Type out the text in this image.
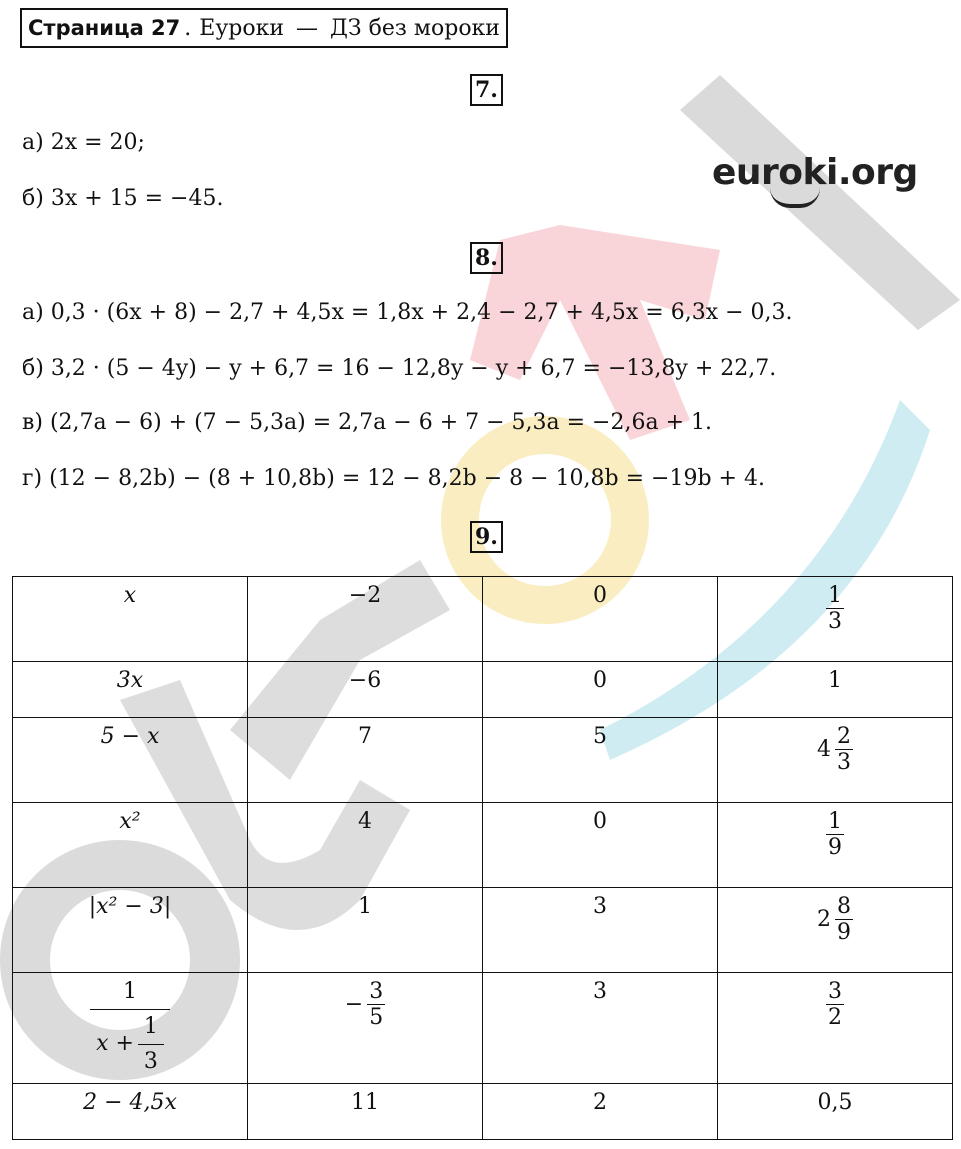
Страница 27 . Еуроки — ДЗ без мороки
euroki.org
7.
а) 2x = 20;
б) 3x + 15 = −45.
8.
а) 0,3 · (6x + 8) − 2,7 + 4,5x = 1,8x + 2,4 − 2,7 + 4,5x = 6,3x − 0,3.
б) 3,2 · (5 − 4y) − y + 6,7 = 16 − 12,8y − y + 6,7 = −13,8y + 22,7.
в) (2,7a − 6) + (7 − 5,3a) = 2,7a − 6 + 7 − 5,3a = −2,6a + 1.
г) (12 − 8,2b) − (8 + 10,8b) = 12 − 8,2b − 8 − 10,8b = −19b + 4.
9.
x	−2	0	$\frac{1}{3}$

3x	−6	0	1
5 − x	7	5	$4 \frac{2}{3}$

x²	4	0	$\frac{1}{9}$

|x² − 3|	1	3	$2 \frac{8}{9}$

$\frac{1}{x + \frac{1}{3}}$	− $\frac{3}{5}$	3	$\frac{3}{2}$

2 − 4,5x	11	2	0,5
